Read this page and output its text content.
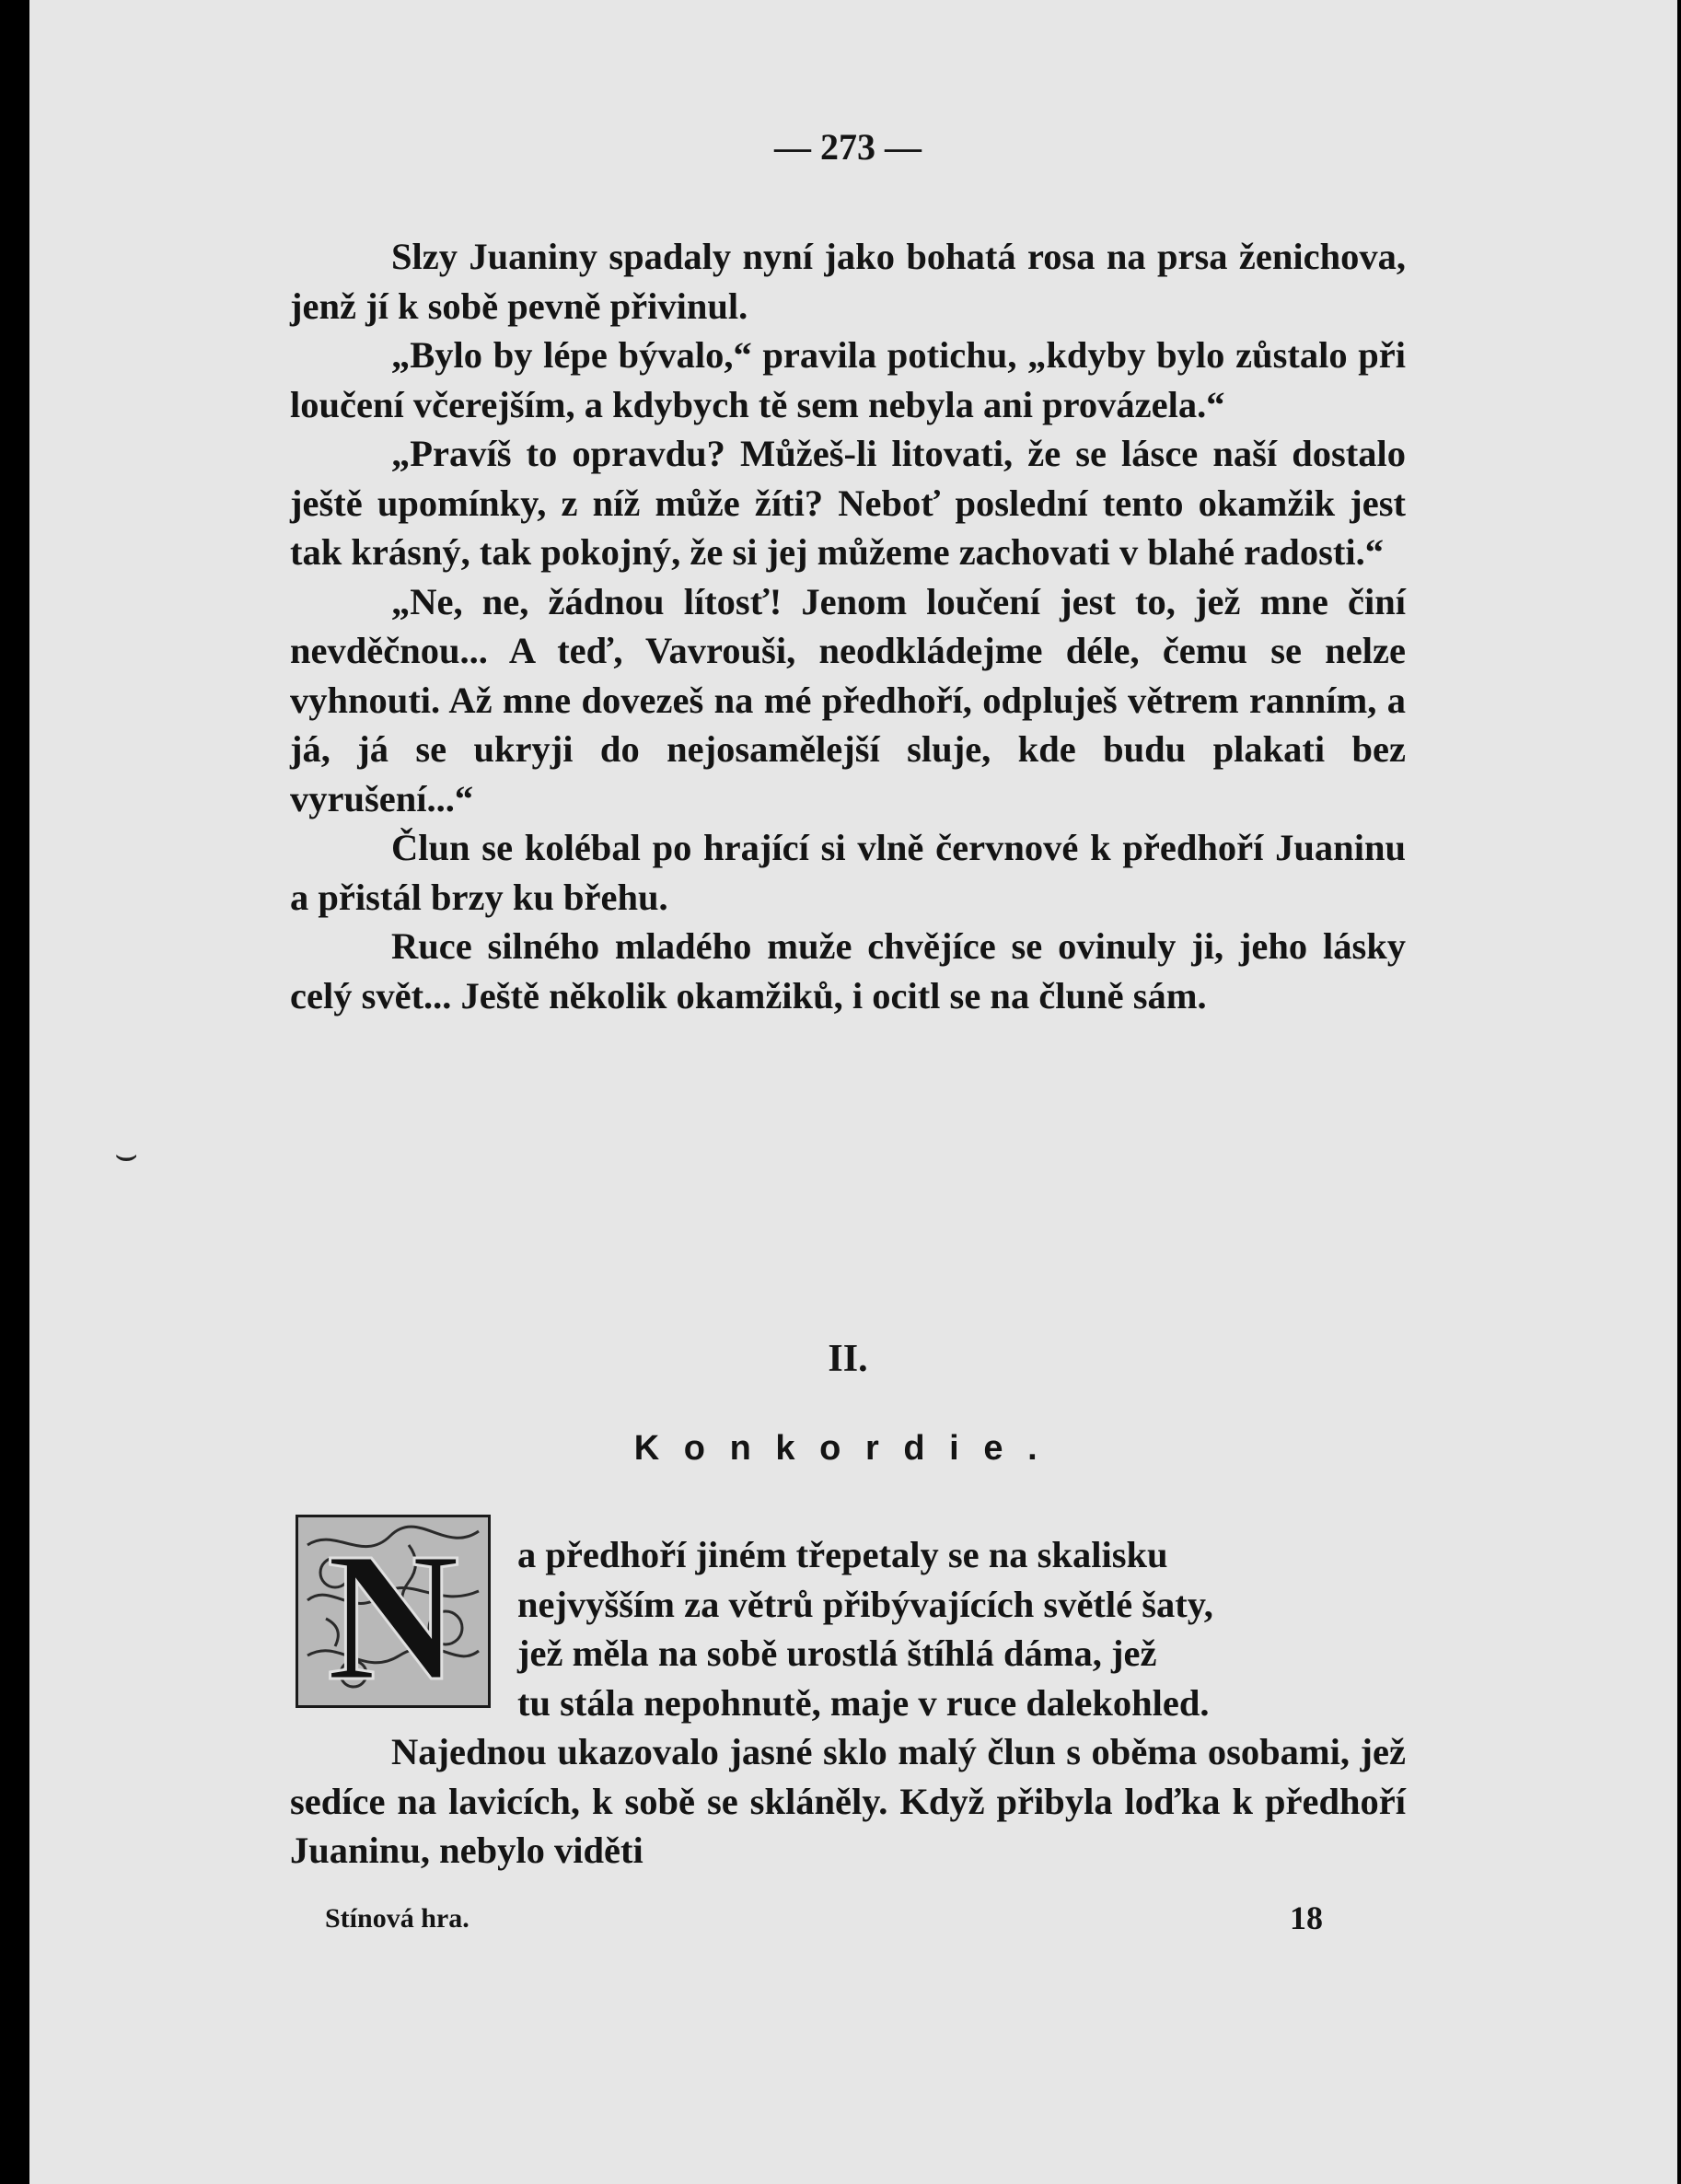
— 273 —

Slzy Juaniny spadaly nyní jako bohatá rosa na prsa ženichova, jenž jí k sobě pevně přivinul.

„Bylo by lépe bývalo,“ pravila potichu, „kdyby bylo zůstalo při loučení včerejším, a kdybych tě sem nebyla ani provázela.“

„Pravíš to opravdu? Můžeš-li litovati, že se lásce naší dostalo ještě upomínky, z níž může žíti? Neboť poslední tento okamžik jest tak krásný, tak pokojný, že si jej můžeme zachovati v blahé radosti.“

„Ne, ne, žádnou lítosť! Jenom loučení jest to, jež mne činí nevděčnou... A teď, Vavrouši, neodkládejme déle, čemu se nelze vyhnouti. Až mne dovezeš na mé předhoří, odpluješ větrem ranním, a já, já se ukryji do nejosamělejší sluje, kde budu plakati bez vyrušení...“

Člun se kolébal po hrající si vlně červnové k předhoří Juaninu a přistál brzy ku břehu.

Ruce silného mladého muže chvějíce se ovinuly ji, jeho lásky celý svět... Ještě několik okamžiků, i ocitl se na čluně sám.

II.
Konkordie.
N a předhoří jiném třepetaly se na skalisku

nejvyšším za větrů přibývajících světlé šaty,

jež měla na sobě urostlá štíhlá dáma, jež

tu stála nepohnutě, maje v ruce dalekohled.

Najednou ukazovalo jasné sklo malý člun s oběma osobami, jež sedíce na lavicích, k sobě se skláněly. Když přibyla loďka k předhoří Juaninu, nebylo viděti

Stínová hra.	18
⌣
